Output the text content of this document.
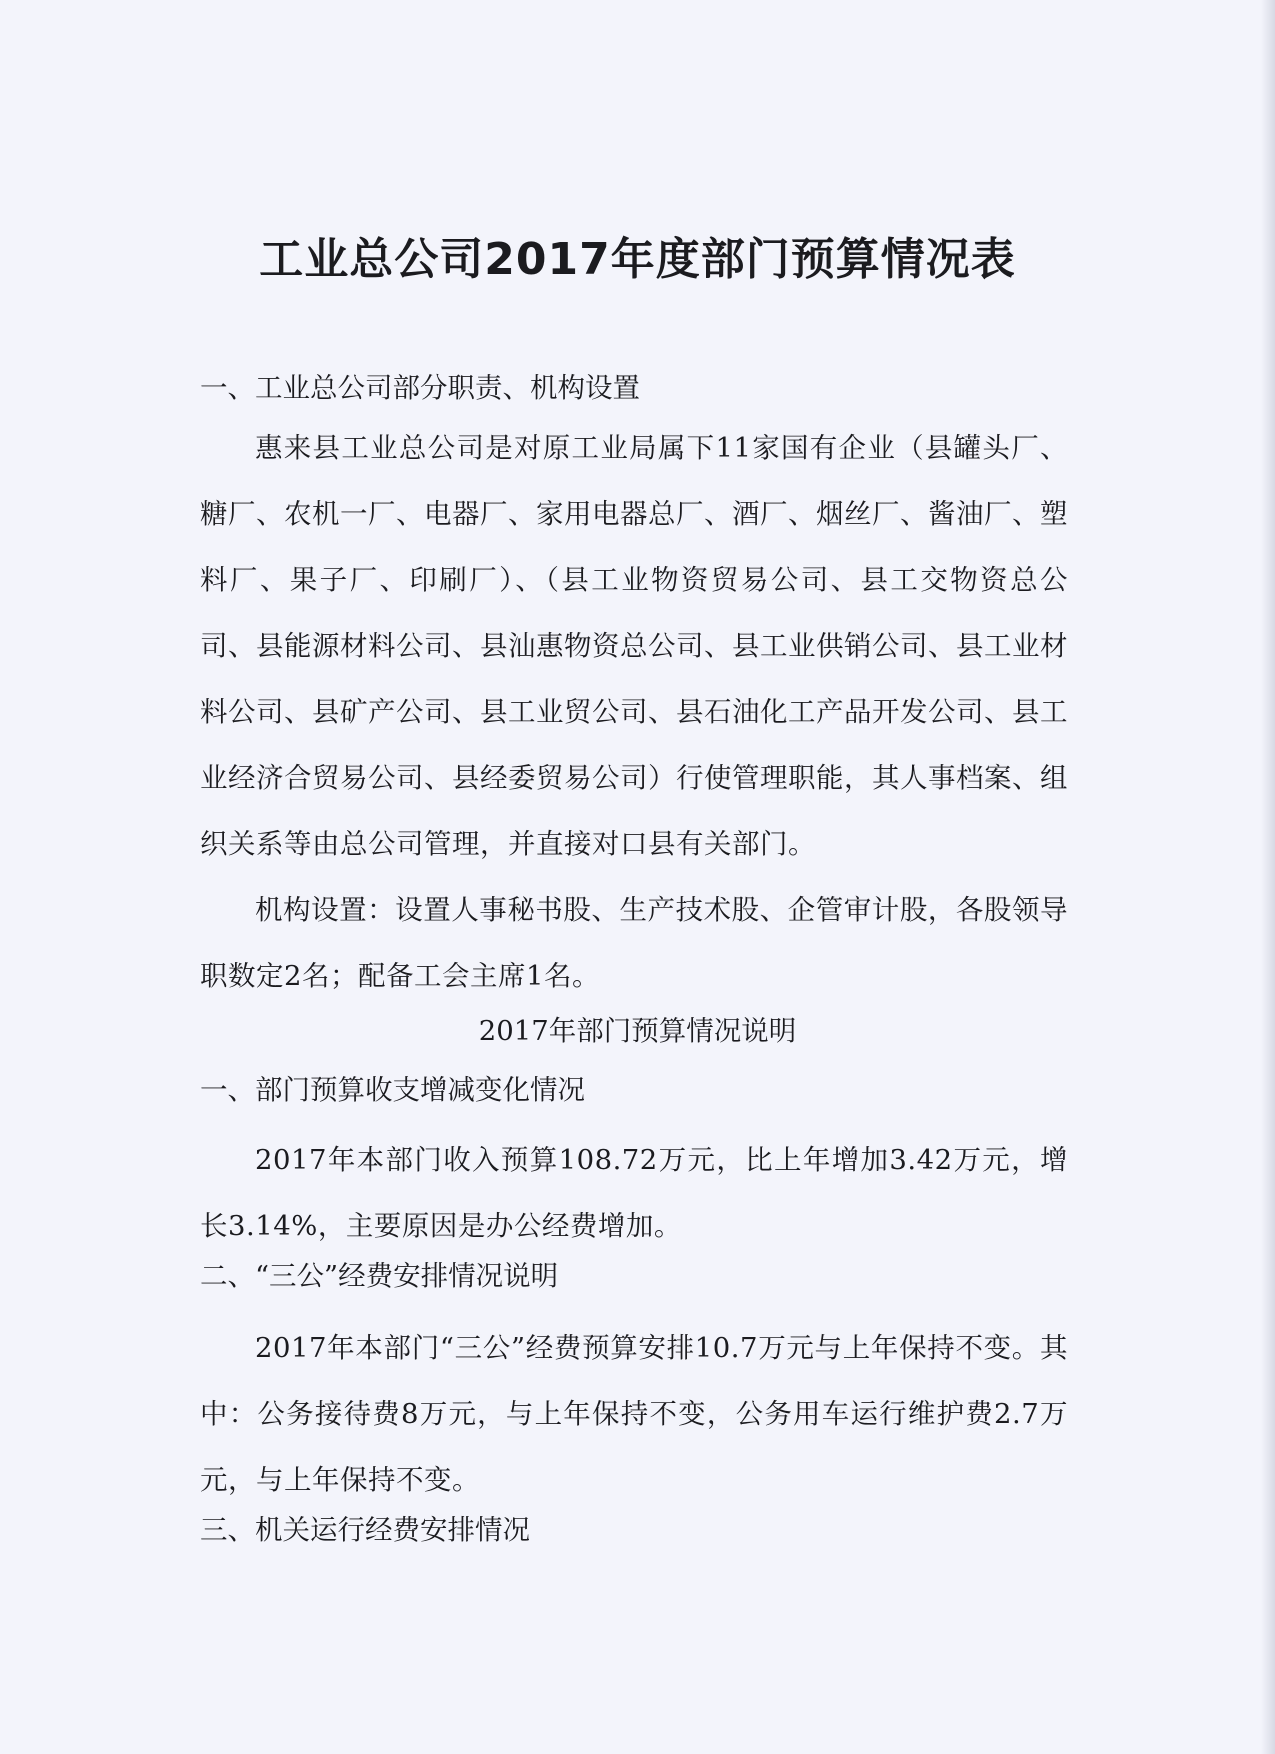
工业总公司2017年度部门预算情况表

一、工业总公司部分职责、机构设置

惠来县工业总公司是对原工业局属下11家国有企业（县罐头厂、糖厂、农机一厂、电器厂、家用电器总厂、酒厂、烟丝厂、酱油厂、塑料厂、果子厂、印刷厂）、（县工业物资贸易公司、县工交物资总公司、县能源材料公司、县汕惠物资总公司、县工业供销公司、县工业材料公司、县矿产公司、县工业贸公司、县石油化工产品开发公司、县工业经济合贸易公司、县经委贸易公司）行使管理职能，其人事档案、组织关系等由总公司管理，并直接对口县有关部门。

机构设置：设置人事秘书股、生产技术股、企管审计股，各股领导职数定2名；配备工会主席1名。

2017年部门预算情况说明

一、部门预算收支增减变化情况

2017年本部门收入预算108.72万元，比上年增加3.42万元，增长3.14%，主要原因是办公经费增加。

二、“三公”经费安排情况说明

2017年本部门“三公”经费预算安排10.7万元与上年保持不变。其中：公务接待费8万元，与上年保持不变，公务用车运行维护费2.7万元，与上年保持不变。

三、机关运行经费安排情况
